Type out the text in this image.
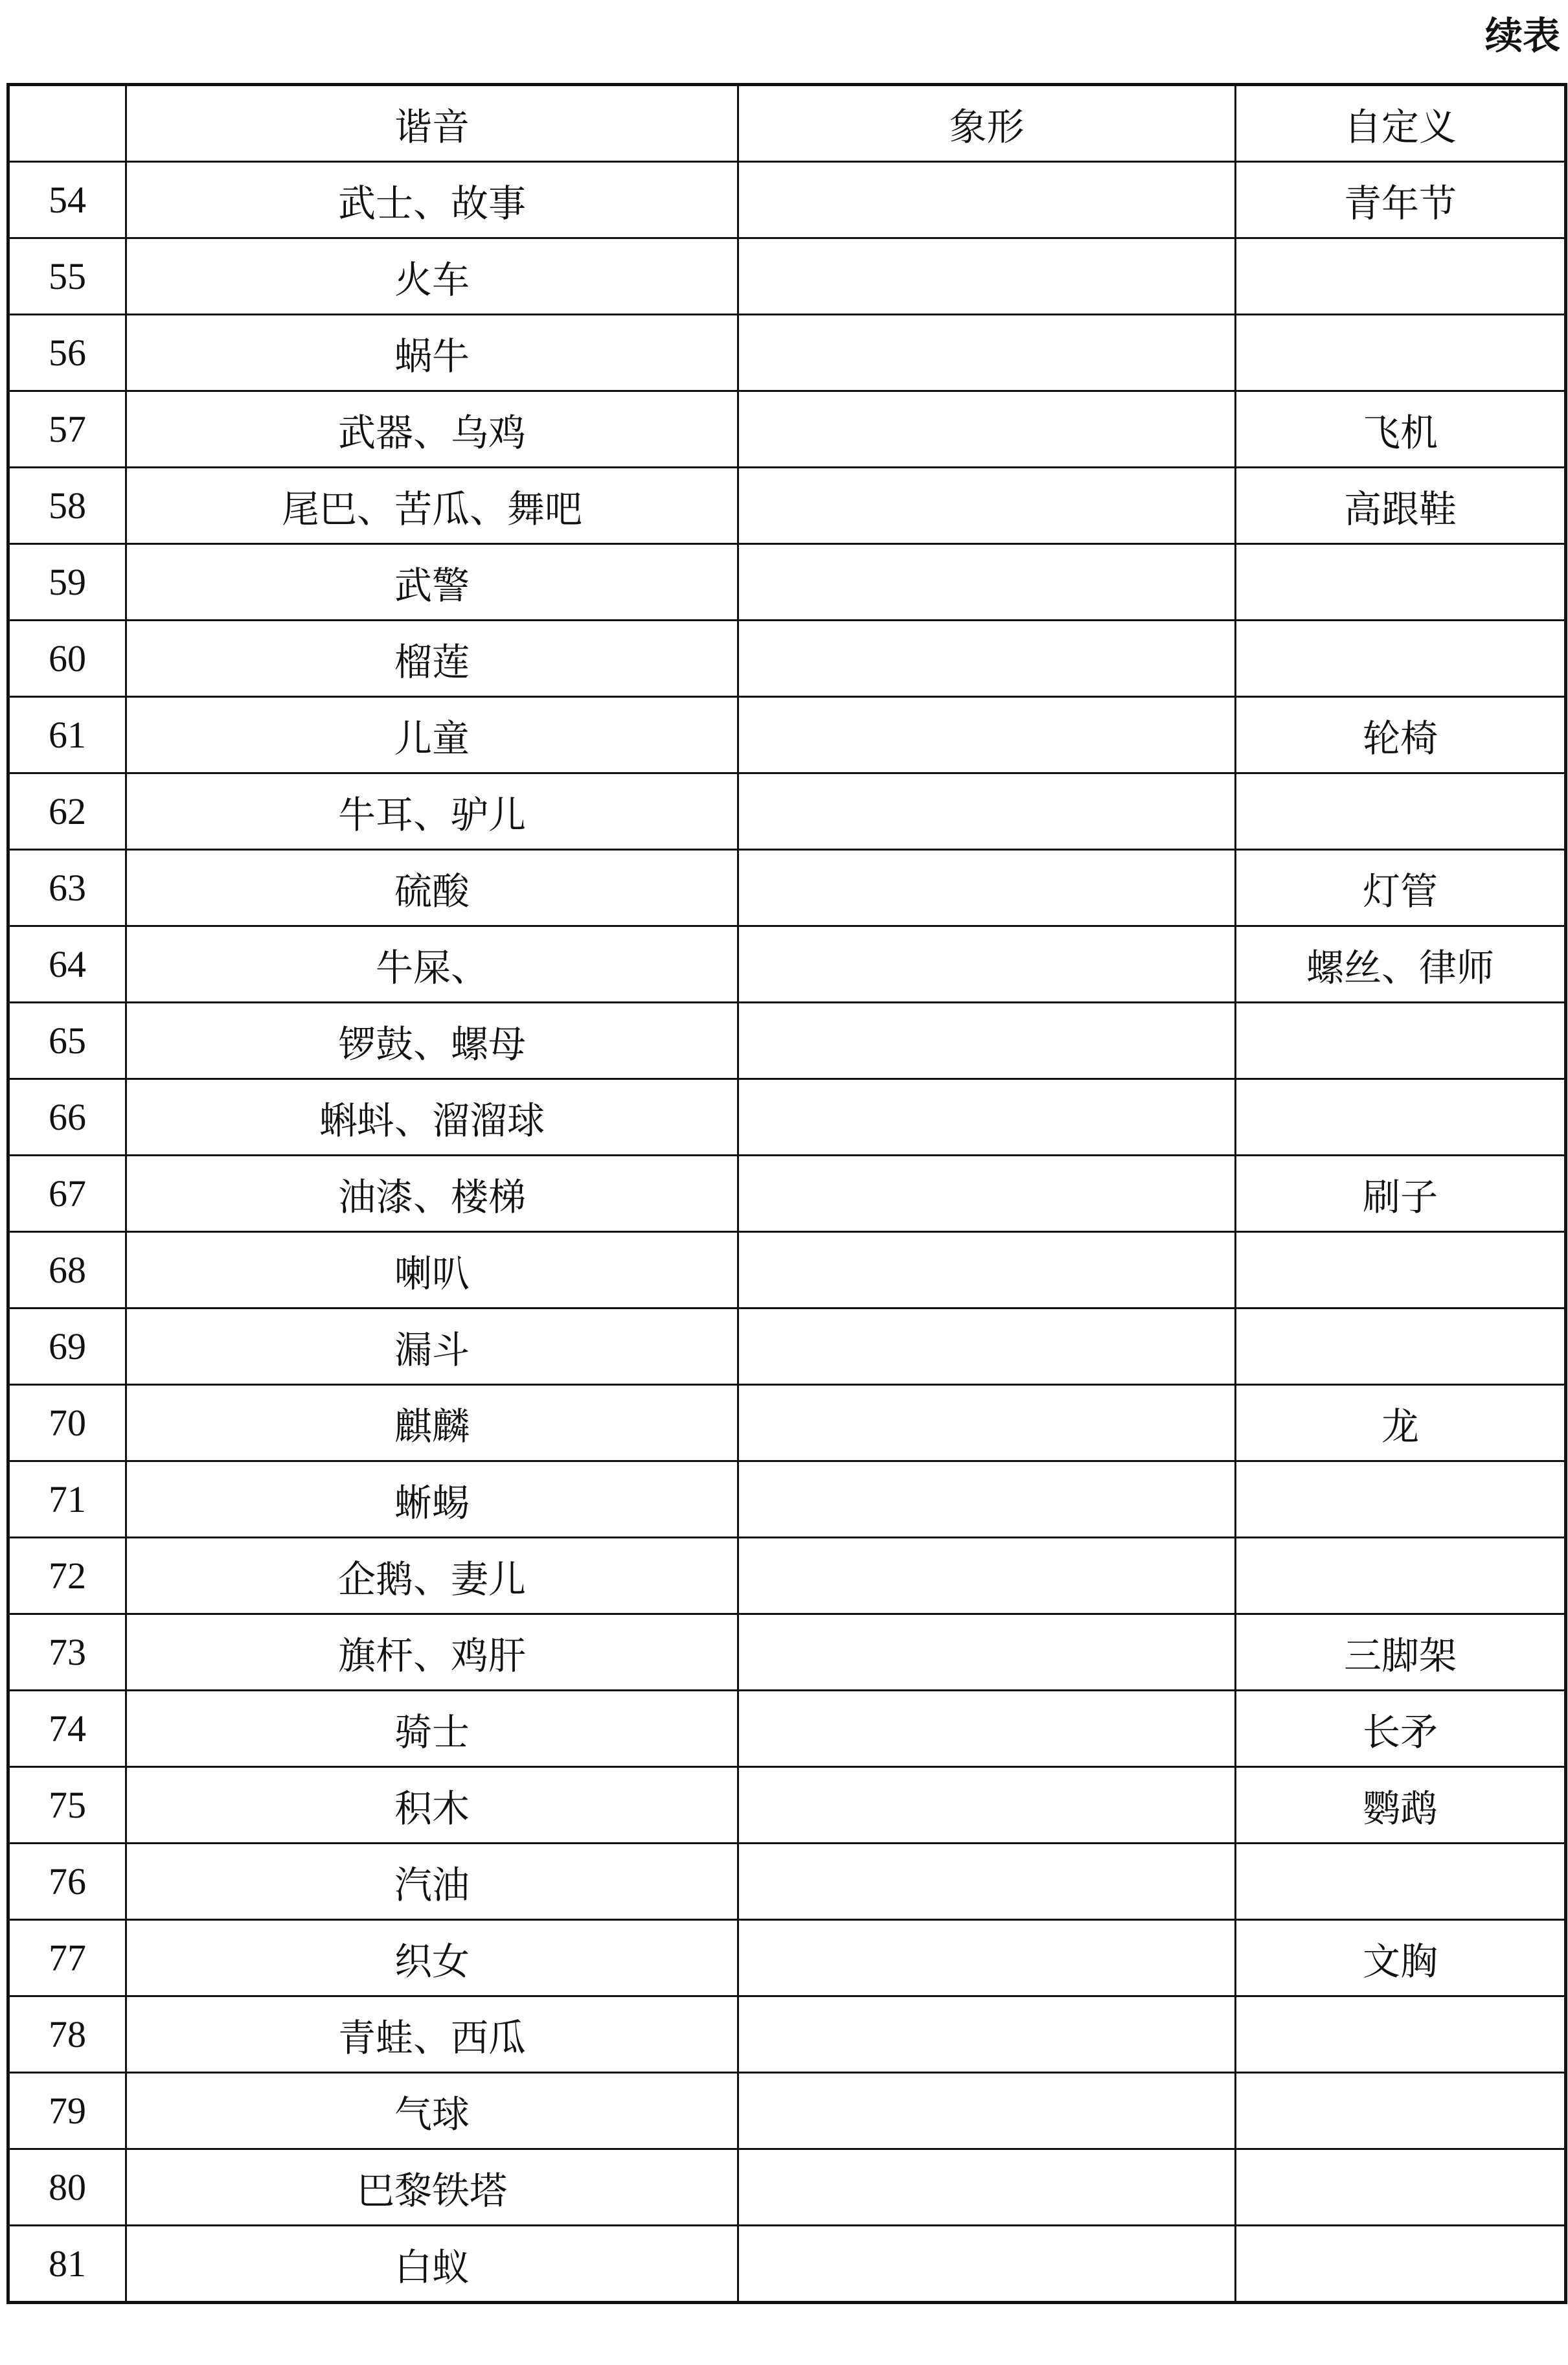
续表
	谐音	象形	自定义
54	武士、故事		青年节
55	火车		
56	蜗牛		
57	武器、乌鸡		飞机
58	尾巴、苦瓜、舞吧		高跟鞋
59	武警		
60	榴莲		
61	儿童		轮椅
62	牛耳、驴儿		
63	硫酸		灯管
64	牛屎、		螺丝、律师
65	锣鼓、螺母		
66	蝌蚪、溜溜球		
67	油漆、楼梯		刷子
68	喇叭		
69	漏斗		
70	麒麟		龙
71	蜥蜴		
72	企鹅、妻儿		
73	旗杆、鸡肝		三脚架
74	骑士		长矛
75	积木		鹦鹉
76	汽油		
77	织女		文胸
78	青蛙、西瓜		
79	气球		
80	巴黎铁塔		
81	白蚁		
